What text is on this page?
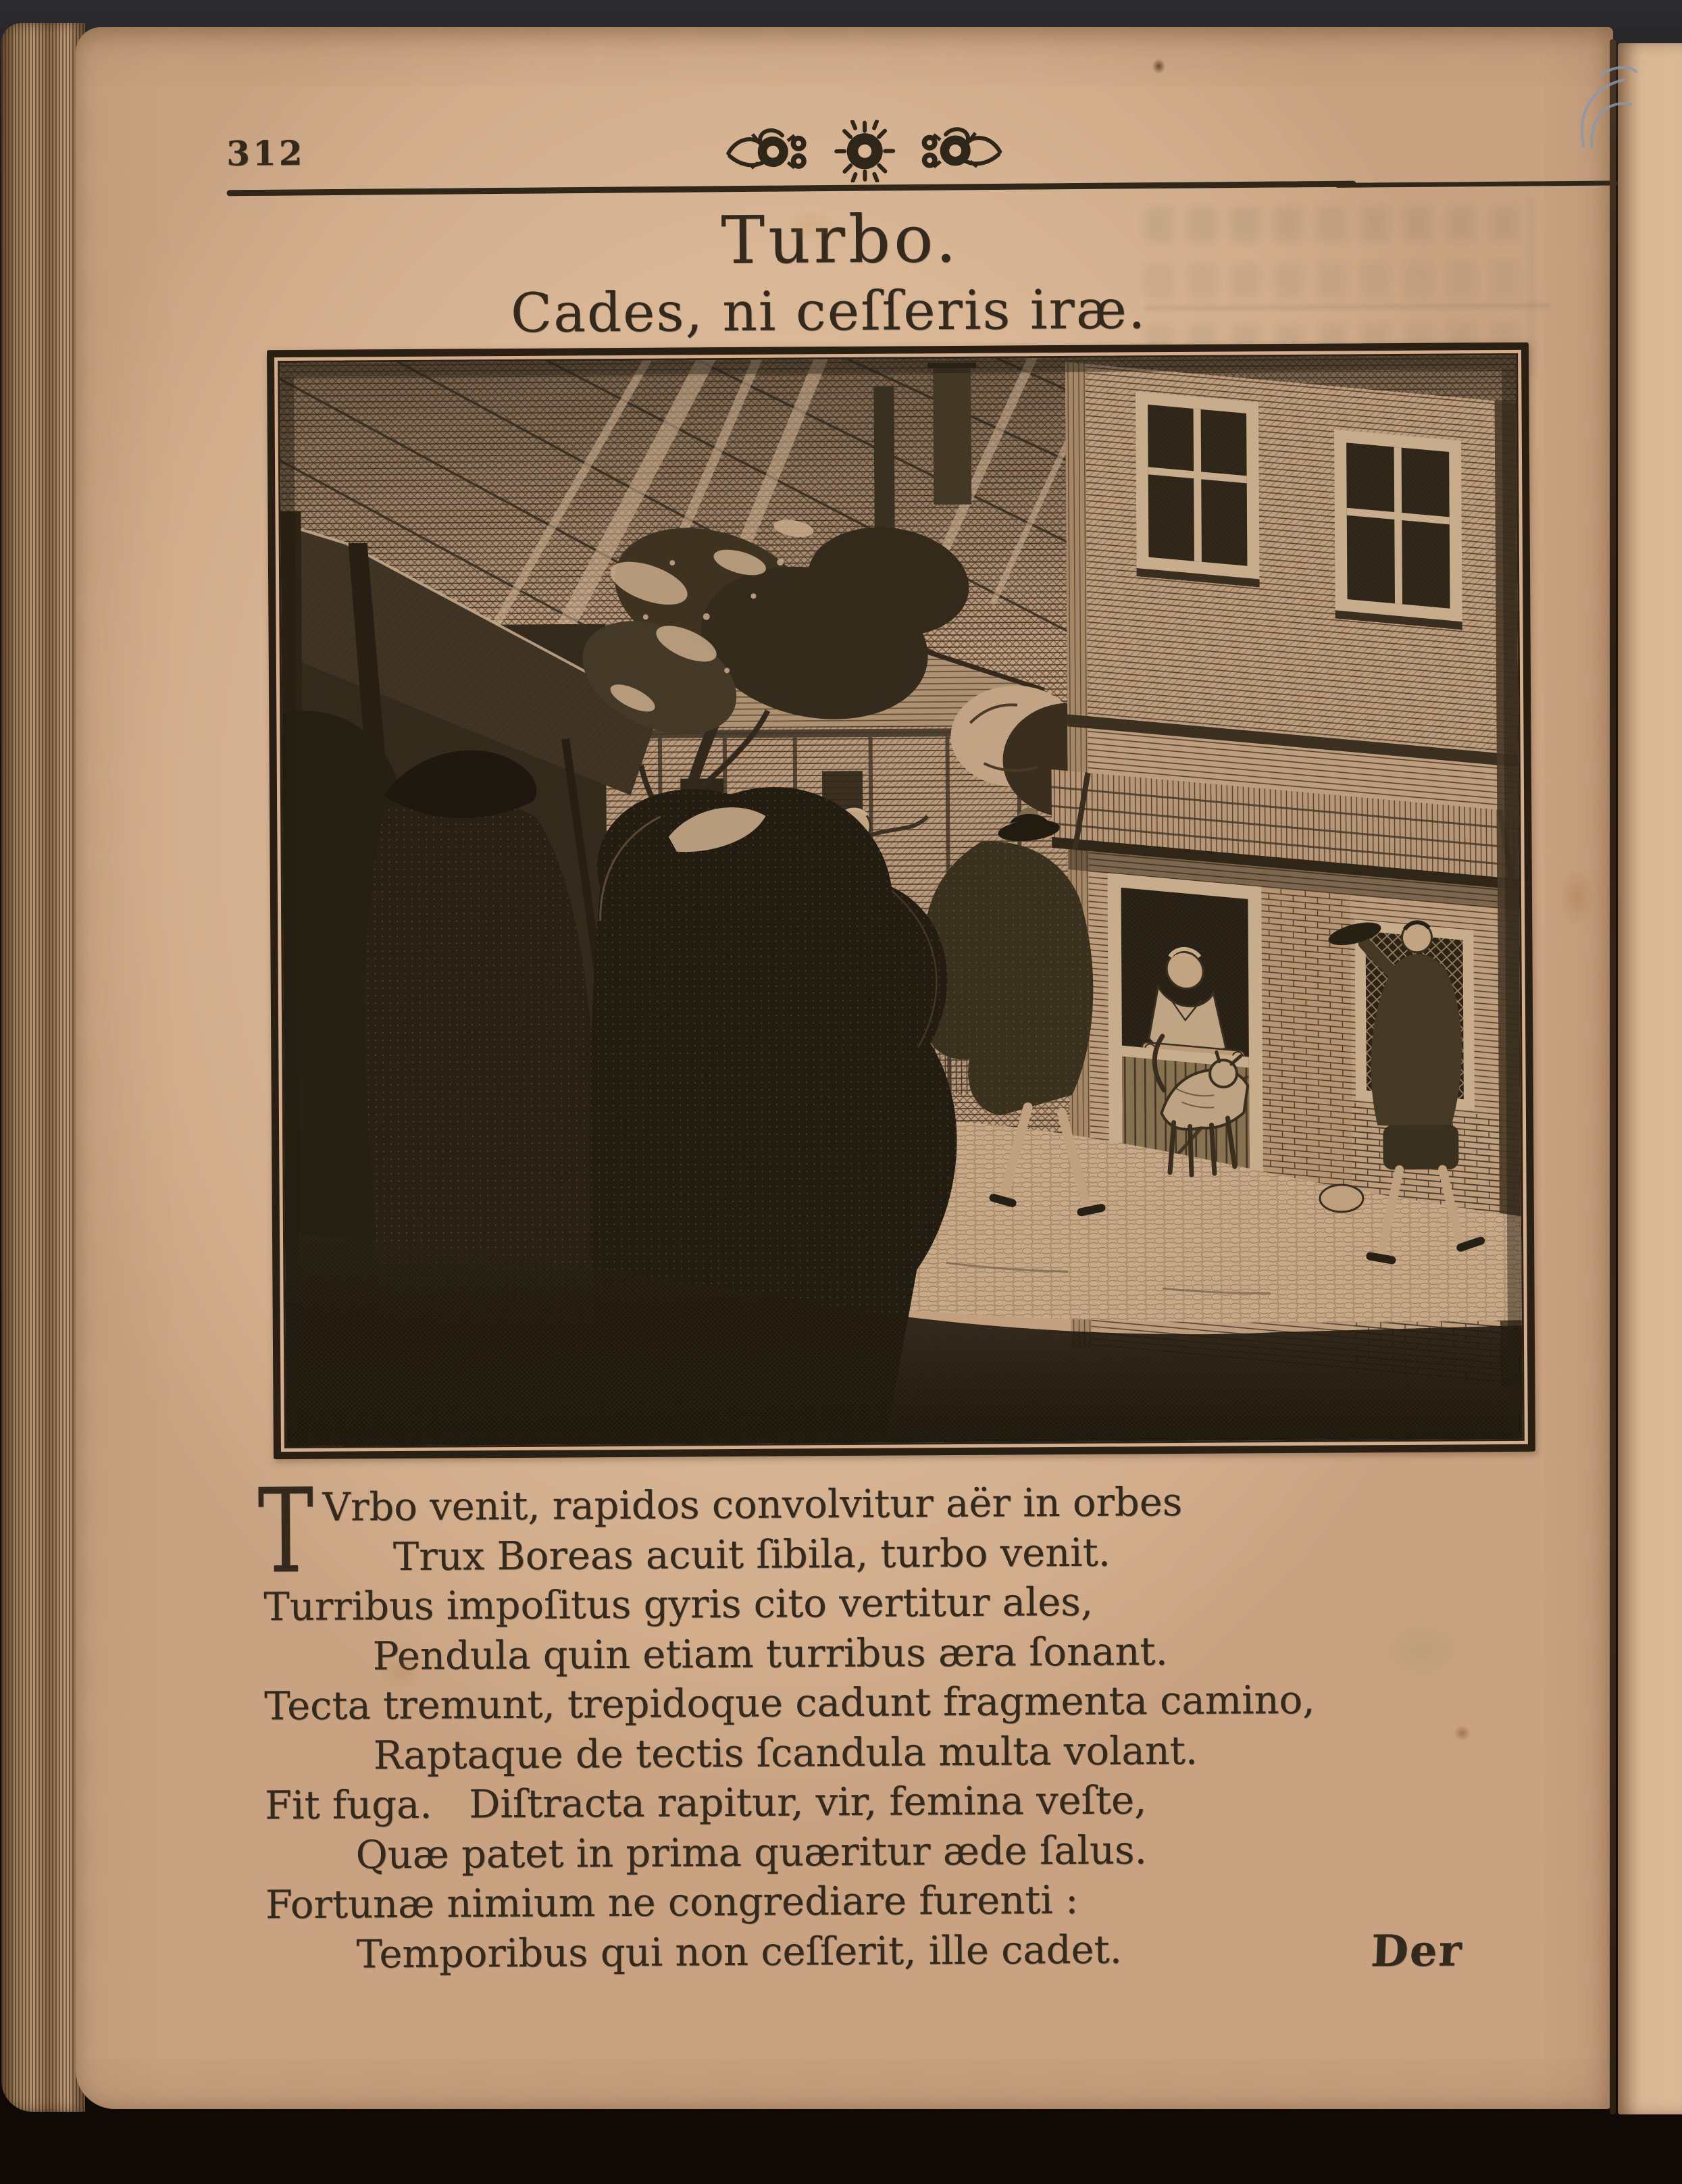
312
Turbo.
Cades, ni ceſſeris iræ.
T Vrbo venit, rapidos convolvitur aër in orbes
Trux Boreas acuit ſibila, turbo venit.
Turribus impoſitus gyris cito vertitur ales,
Pendula quin etiam turribus æra ſonant.
Tecta tremunt, trepidoque cadunt fragmenta camino,
Raptaque de tectis ſcandula multa volant.
Fit fuga.   Diſtracta rapitur, vir, femina veſte,
Quæ patet in prima quæritur æde ſalus.
Fortunæ nimium ne congrediare furenti :
Temporibus qui non ceſſerit, ille cadet.	Der
